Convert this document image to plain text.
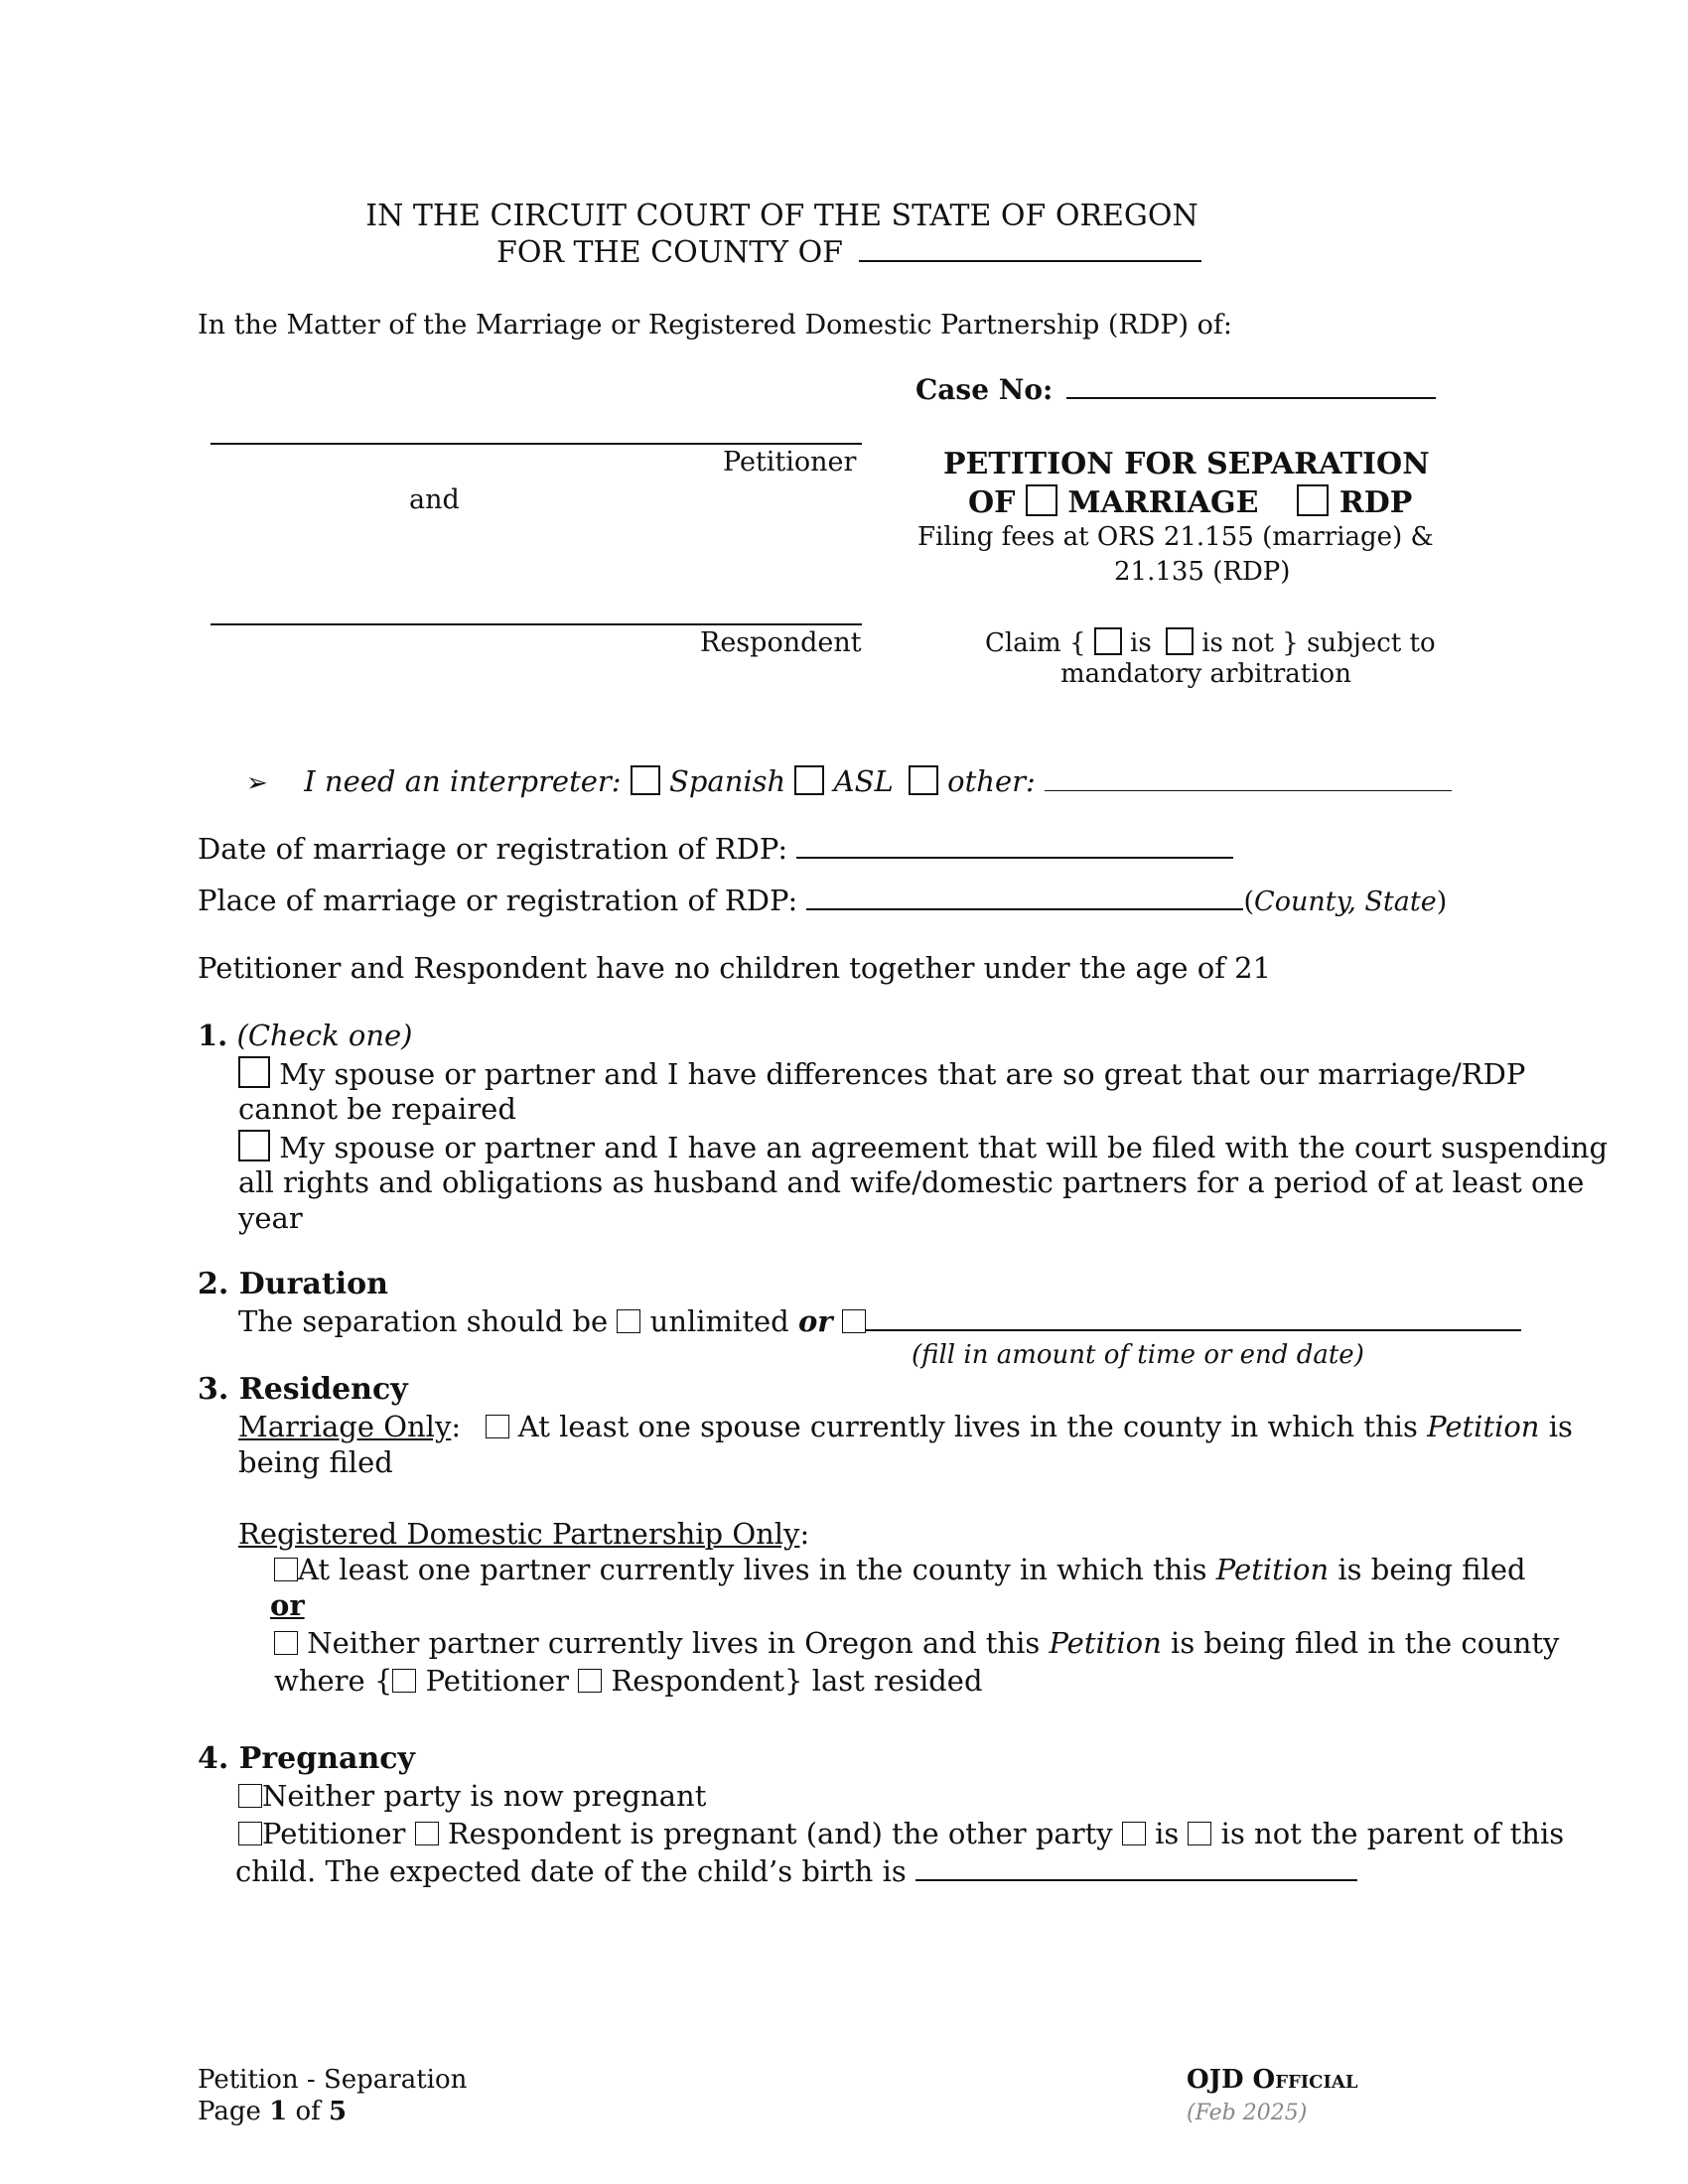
IN THE CIRCUIT COURT OF THE STATE OF OREGON
FOR THE COUNTY OF
In the Matter of the Marriage or Registered Domestic Partnership (RDP) of:
Case No:
Petitioner
and
Respondent
PETITION FOR SEPARATION
OF MARRIAGE	RDP
Filing fees at ORS 21.155 (marriage) &
21.135 (RDP)
Claim { is is not } subject to
mandatory arbitration
➢ I need an interpreter: Spanish ASL other:
Date of marriage or registration of RDP:
Place of marriage or registration of RDP:	(County, State)
Petitioner and Respondent have no children together under the age of 21
1. (Check one)
My spouse or partner and I have differences that are so great that our marriage/RDP
cannot be repaired
My spouse or partner and I have an agreement that will be filed with the court suspending
all rights and obligations as husband and wife/domestic partners for a period of at least one
year
2. Duration
The separation should be unlimited or
(fill in amount of time or end date)
3. Residency
Marriage Only: At least one spouse currently lives in the county in which this Petition is
being filed
Registered Domestic Partnership Only:
At least one partner currently lives in the county in which this Petition is being filed
or
Neither partner currently lives in Oregon and this Petition is being filed in the county
where { Petitioner Respondent} last resided
4. Pregnancy
Neither party is now pregnant
Petitioner Respondent is pregnant (and) the other party is is not the parent of this
child. The expected date of the child’s birth is
Petition - Separation
Page 1 of 5
OJD Official
(Feb 2025)
